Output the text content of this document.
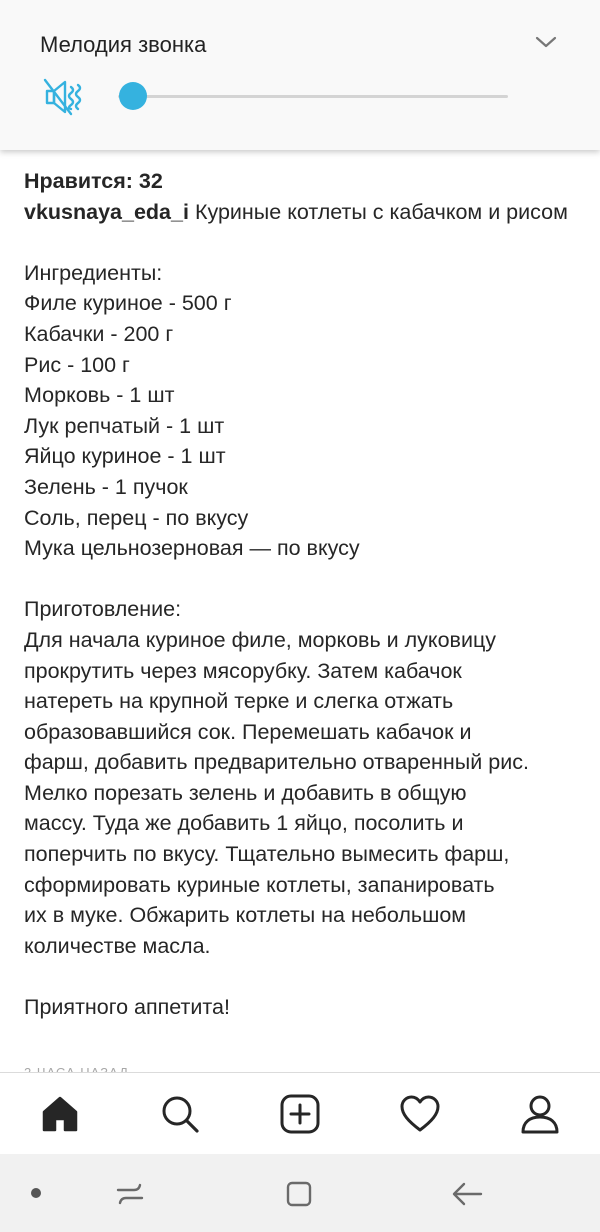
Мелодия звонка

Нравится: 32

vkusnaya_eda_i Куриные котлеты с кабачком и рисом

Ингредиенты:

Филе куриное - 500 г

Кабачки - 200 г

Рис - 100 г

Морковь - 1 шт

Лук репчатый - 1 шт

Яйцо куриное - 1 шт

Зелень - 1 пучок

Соль, перец - по вкусу

Мука цельнозерновая — по вкусу

Приготовление:

Для начала куриное филе, морковь и луковицу

прокрутить через мясорубку. Затем кабачок

натереть на крупной терке и слегка отжать

образовавшийся сок. Перемешать кабачок и

фарш, добавить предварительно отваренный рис.

Мелко порезать зелень и добавить в общую

массу. Туда же добавить 1 яйцо, посолить и

поперчить по вкусу. Тщательно вымесить фарш,

сформировать куриные котлеты, запанировать

их в муке. Обжарить котлеты на небольшом

количестве масла.

Приятного аппетита!
